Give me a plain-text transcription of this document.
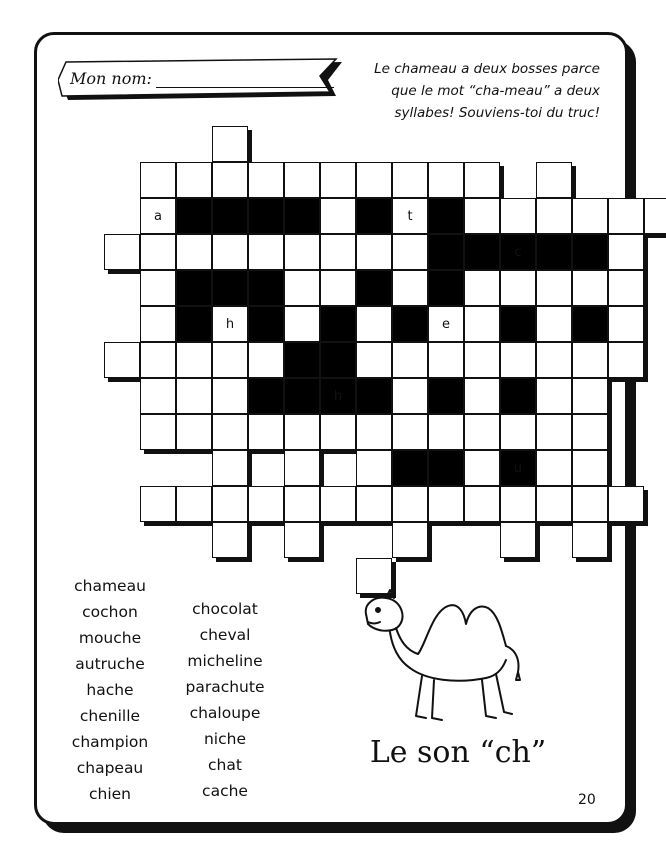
Mon nom:	Le chameau a deux bosses parce
que le mot “cha-meau” a deux
syllabes! Souviens-toi du truc!
a	t
c
h	e
h
u
chameau
cochon
mouche
autruche
hache
chenille
champion
chapeau
chien
chocolat
cheval
micheline
parachute
chaloupe
niche
chat
cache
Le son “ch”
20
